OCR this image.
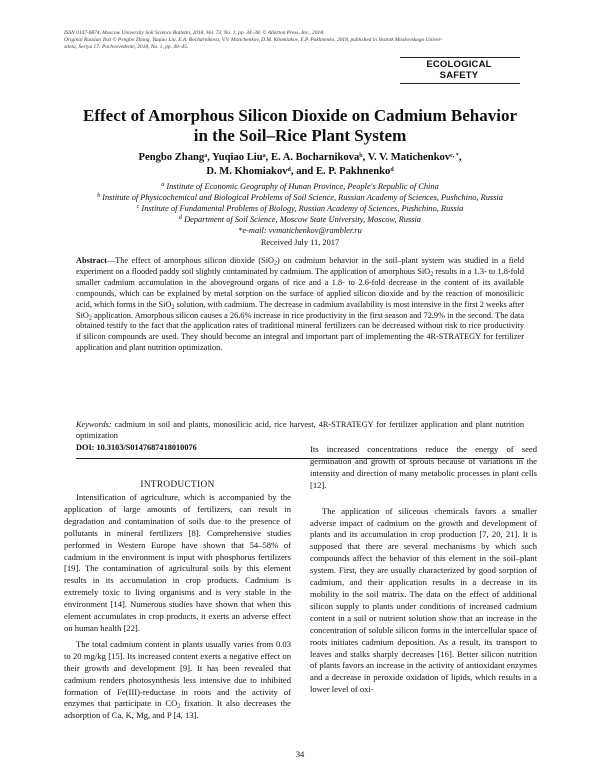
ISSN 0147-6874, Moscow University Soil Science Bulletin, 2018, Vol. 73, No. 1, pp. 34–38. © Allerton Press, Inc., 2018.
Original Russian Text © Pengbo Zhang, Yuqiao Liu, E.A. Bocharnikova, V.V. Matichenkov, D.M. Khomiakov, E.P. Pakhnenko, 2018, published in Vestnik Moskovskogo Univer-
siteta, Seriya 17: Pochvovedenie, 2018, No. 1, pp. 40–45.
ECOLOGICAL
SAFETY
Effect of Amorphous Silicon Dioxide on Cadmium Behavior
in the Soil–Rice Plant System
Pengbo Zhang$^a$, Yuqiao Liu$^a$, E. A. Bocharnikova$^b$, V. V. Matichenkov$^{c, *}$,
D. M. Khomiakov$^d$, and E. P. Pakhnenko$^d$
$^a$ Institute of Economic Geography of Hunan Province, People's Republic of China
$^b$ Institute of Physicochemical and Biological Problems of Soil Science, Russian Academy of Sciences, Pushchino, Russia
$^c$ Institute of Fundamental Problems of Biology, Russian Academy of Sciences, Pushchino, Russia
$^d$ Department of Soil Science, Moscow State University, Moscow, Russia
*e-mail: vvmatichenkov@rambler.ru
Received July 11, 2017
Abstract—The effect of amorphous silicon dioxide (SiO$_2$) on cadmium behavior in the soil–plant system was studied in a field experiment on a flooded paddy soil slightly contaminated by cadmium. The application of amorphous SiO$_2$ results in a 1.3- to 1.8-fold smaller cadmium accumulation in the aboveground organs of rice and a 1.8- to 2.6-fold decrease in the content of its available compounds, which can be explained by metal sorption on the surface of applied silicon dioxide and by the reaction of monosilicic acid, which forms in the SiO$_2$ solution, with cadmium. The decrease in cadmium availability is most intensive in the first 2 weeks after SiO$_2$ application. Amorphous silicon causes a 26.6% increase in rice productivity in the first season and 72.9% in the second. The data obtained testify to the fact that the application rates of traditional mineral fertilizers can be decreased without risk to rice productivity if silicon compounds are used. They should become an integral and important part of implementing the 4R-STRATEGY for fertilizer application and plant nutrition optimization.
Keywords: cadmium in soil and plants, monosilicic acid, rice harvest, 4R-STRATEGY for fertilizer application and plant nutrition optimization
DOI: 10.3103/S0147687418010076
INTRODUCTION

Intensification of agriculture, which is accompanied by the application of large amounts of fertilizers, can result in degradation and contamination of soils due to the presence of pollutants in mineral fertilizers [8]. Comprehensive studies performed in Western Europe have shown that 54–58% of cadmium in the environment is input with phosphorus fertilizers [19]. The contamination of agricultural soils by this element results in its accumulation in crop products. Cadmium is extremely toxic to living organisms and is very stable in the environment [14]. Numerous studies have shown that when this element accumulates in crop products, it exerts an adverse effect on human health [22].

The total cadmium content in plants usually varies from 0.03 to 20 mg/kg [15]. Its increased content exerts a negative effect on their growth and development [9]. It has been revealed that cadmium renders photosynthesis less intensive due to inhibited formation of Fe(III)-reductase in roots and the activity of enzymes that participate in $CO_2$ fixation. It also decreases the adsorption of Ca, K, Mg, and P [4, 13].

Its increased concentrations reduce the energy of seed germination and growth of sprouts because of variations in the intensity and direction of many metabolic processes in plant cells [12].

The application of siliceous chemicals favors a smaller adverse impact of cadmium on the growth and development of plants and its accumulation in crop production [7, 20, 21]. It is supposed that there are several mechanisms by which such compounds affect the behavior of this element in the soil–plant system. First, they are usually characterized by good sorption of cadmium, and their application results in a decrease in its mobility in the soil matrix. The data on the effect of additional silicon supply to plants under conditions of increased cadmium content in a soil or nutrient solution show that an increase in the concentration of soluble silicon forms in the intercellular space of roots initiates cadmium deposition. As a result, its transport to leaves and stalks sharply decreases [16]. Better silicon nutrition of plants favors an increase in the activity of antioxidant enzymes and a decrease in peroxide oxidation of lipids, which results in a lower level of oxi-

34
